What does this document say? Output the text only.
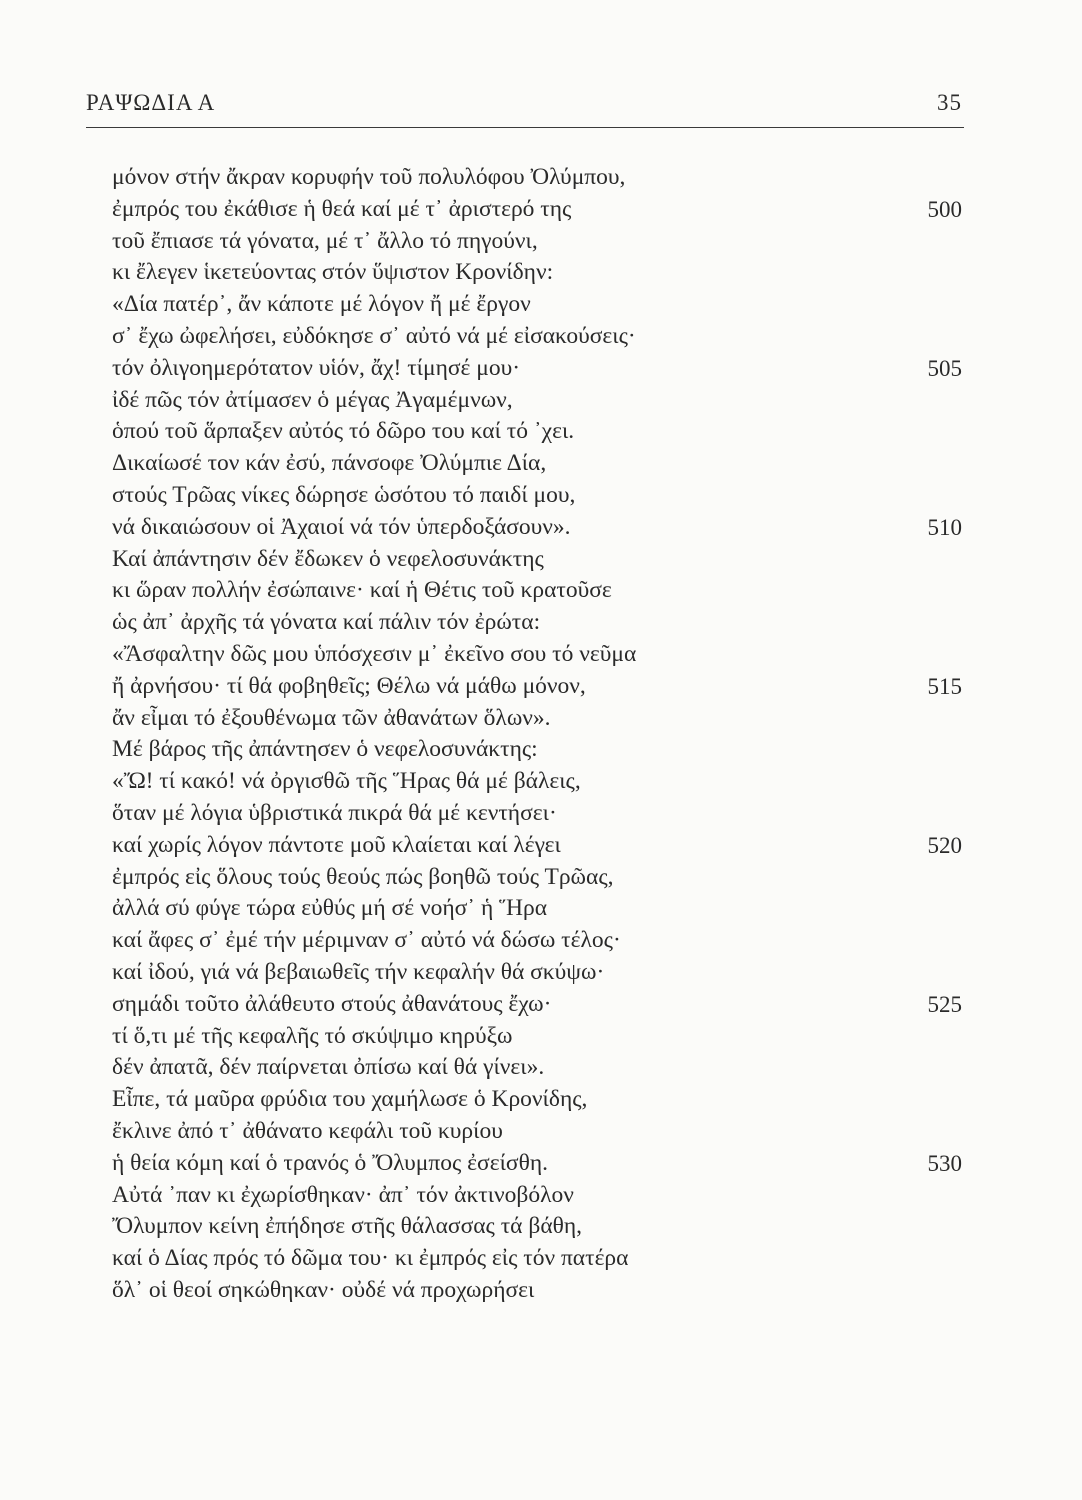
ΡΑΨΩΔΙΑ Α	35
μόνον στήν ἄκραν κορυφήν τοῦ πολυλόφου Ὀλύμπου,
ἐμπρός του ἐκάθισε ἡ θεά καί μέ τ᾽ ἀριστερό της	500
τοῦ ἔπιασε τά γόνατα, μέ τ᾽ ἄλλο τό πηγούνι,
κι ἔλεγεν ἱκετεύοντας στόν ὕψιστον Κρονίδην:
«Δία πατέρ᾽, ἄν κάποτε μέ λόγον ἤ μέ ἔργον
σ᾽ ἔχω ὠφελήσει, εὐδόκησε σ᾽ αὐτό νά μέ εἰσακούσεις·
τόν ὀλιγοημερότατον υἱόν, ἄχ! τίμησέ μου·	505
ἰδέ πῶς τόν ἀτίμασεν ὁ μέγας Ἀγαμέμνων,
ὁπού τοῦ ἅρπαξεν αὐτός τό δῶρο του καί τό ᾽χει.
Δικαίωσέ τον κάν ἐσύ, πάνσοφε Ὀλύμπιε Δία,
στούς Τρῶας νίκες δώρησε ὡσότου τό παιδί μου,
νά δικαιώσουν οἱ Ἀχαιοί νά τόν ὑπερδοξάσουν».	510
Καί ἀπάντησιν δέν ἔδωκεν ὁ νεφελοσυνάκτης
κι ὥραν πολλήν ἐσώπαινε· καί ἡ Θέτις τοῦ κρατοῦσε
ὡς ἀπ᾽ ἀρχῆς τά γόνατα καί πάλιν τόν ἐρώτα:
«Ἄσφαλτην δῶς μου ὑπόσχεσιν μ᾽ ἐκεῖνο σου τό νεῦμα
ἤ ἀρνήσου· τί θά φοβηθεῖς; Θέλω νά μάθω μόνον,	515
ἄν εἶμαι τό ἐξουθένωμα τῶν ἀθανάτων ὅλων».
Μέ βάρος τῆς ἀπάντησεν ὁ νεφελοσυνάκτης:
«Ὤ! τί κακό! νά ὀργισθῶ τῆς Ἥρας θά μέ βάλεις,
ὅταν μέ λόγια ὑβριστικά πικρά θά μέ κεντήσει·
καί χωρίς λόγον πάντοτε μοῦ κλαίεται καί λέγει	520
ἐμπρός εἰς ὅλους τούς θεούς πώς βοηθῶ τούς Τρῶας,
ἀλλά σύ φύγε τώρα εὐθύς μή σέ νοήσ᾽ ἡ Ἥρα
καί ἄφες σ᾽ ἐμέ τήν μέριμναν σ᾽ αὐτό νά δώσω τέλος·
καί ἰδού, γιά νά βεβαιωθεῖς τήν κεφαλήν θά σκύψω·
σημάδι τοῦτο ἀλάθευτο στούς ἀθανάτους ἔχω·	525
τί ὅ,τι μέ τῆς κεφαλῆς τό σκύψιμο κηρύξω
δέν ἀπατᾶ, δέν παίρνεται ὀπίσω καί θά γίνει».
Εἶπε, τά μαῦρα φρύδια του χαμήλωσε ὁ Κρονίδης,
ἔκλινε ἀπό τ᾽ ἀθάνατο κεφάλι τοῦ κυρίου
ἡ θεία κόμη καί ὁ τρανός ὁ Ὄλυμπος ἐσείσθη.	530
Αὐτά ᾽παν κι ἐχωρίσθηκαν· ἀπ᾽ τόν ἀκτινοβόλον
Ὄλυμπον κείνη ἐπήδησε στῆς θάλασσας τά βάθη,
καί ὁ Δίας πρός τό δῶμα του· κι ἐμπρός εἰς τόν πατέρα
ὅλ᾽ οἱ θεοί σηκώθηκαν· οὐδέ νά προχωρήσει
